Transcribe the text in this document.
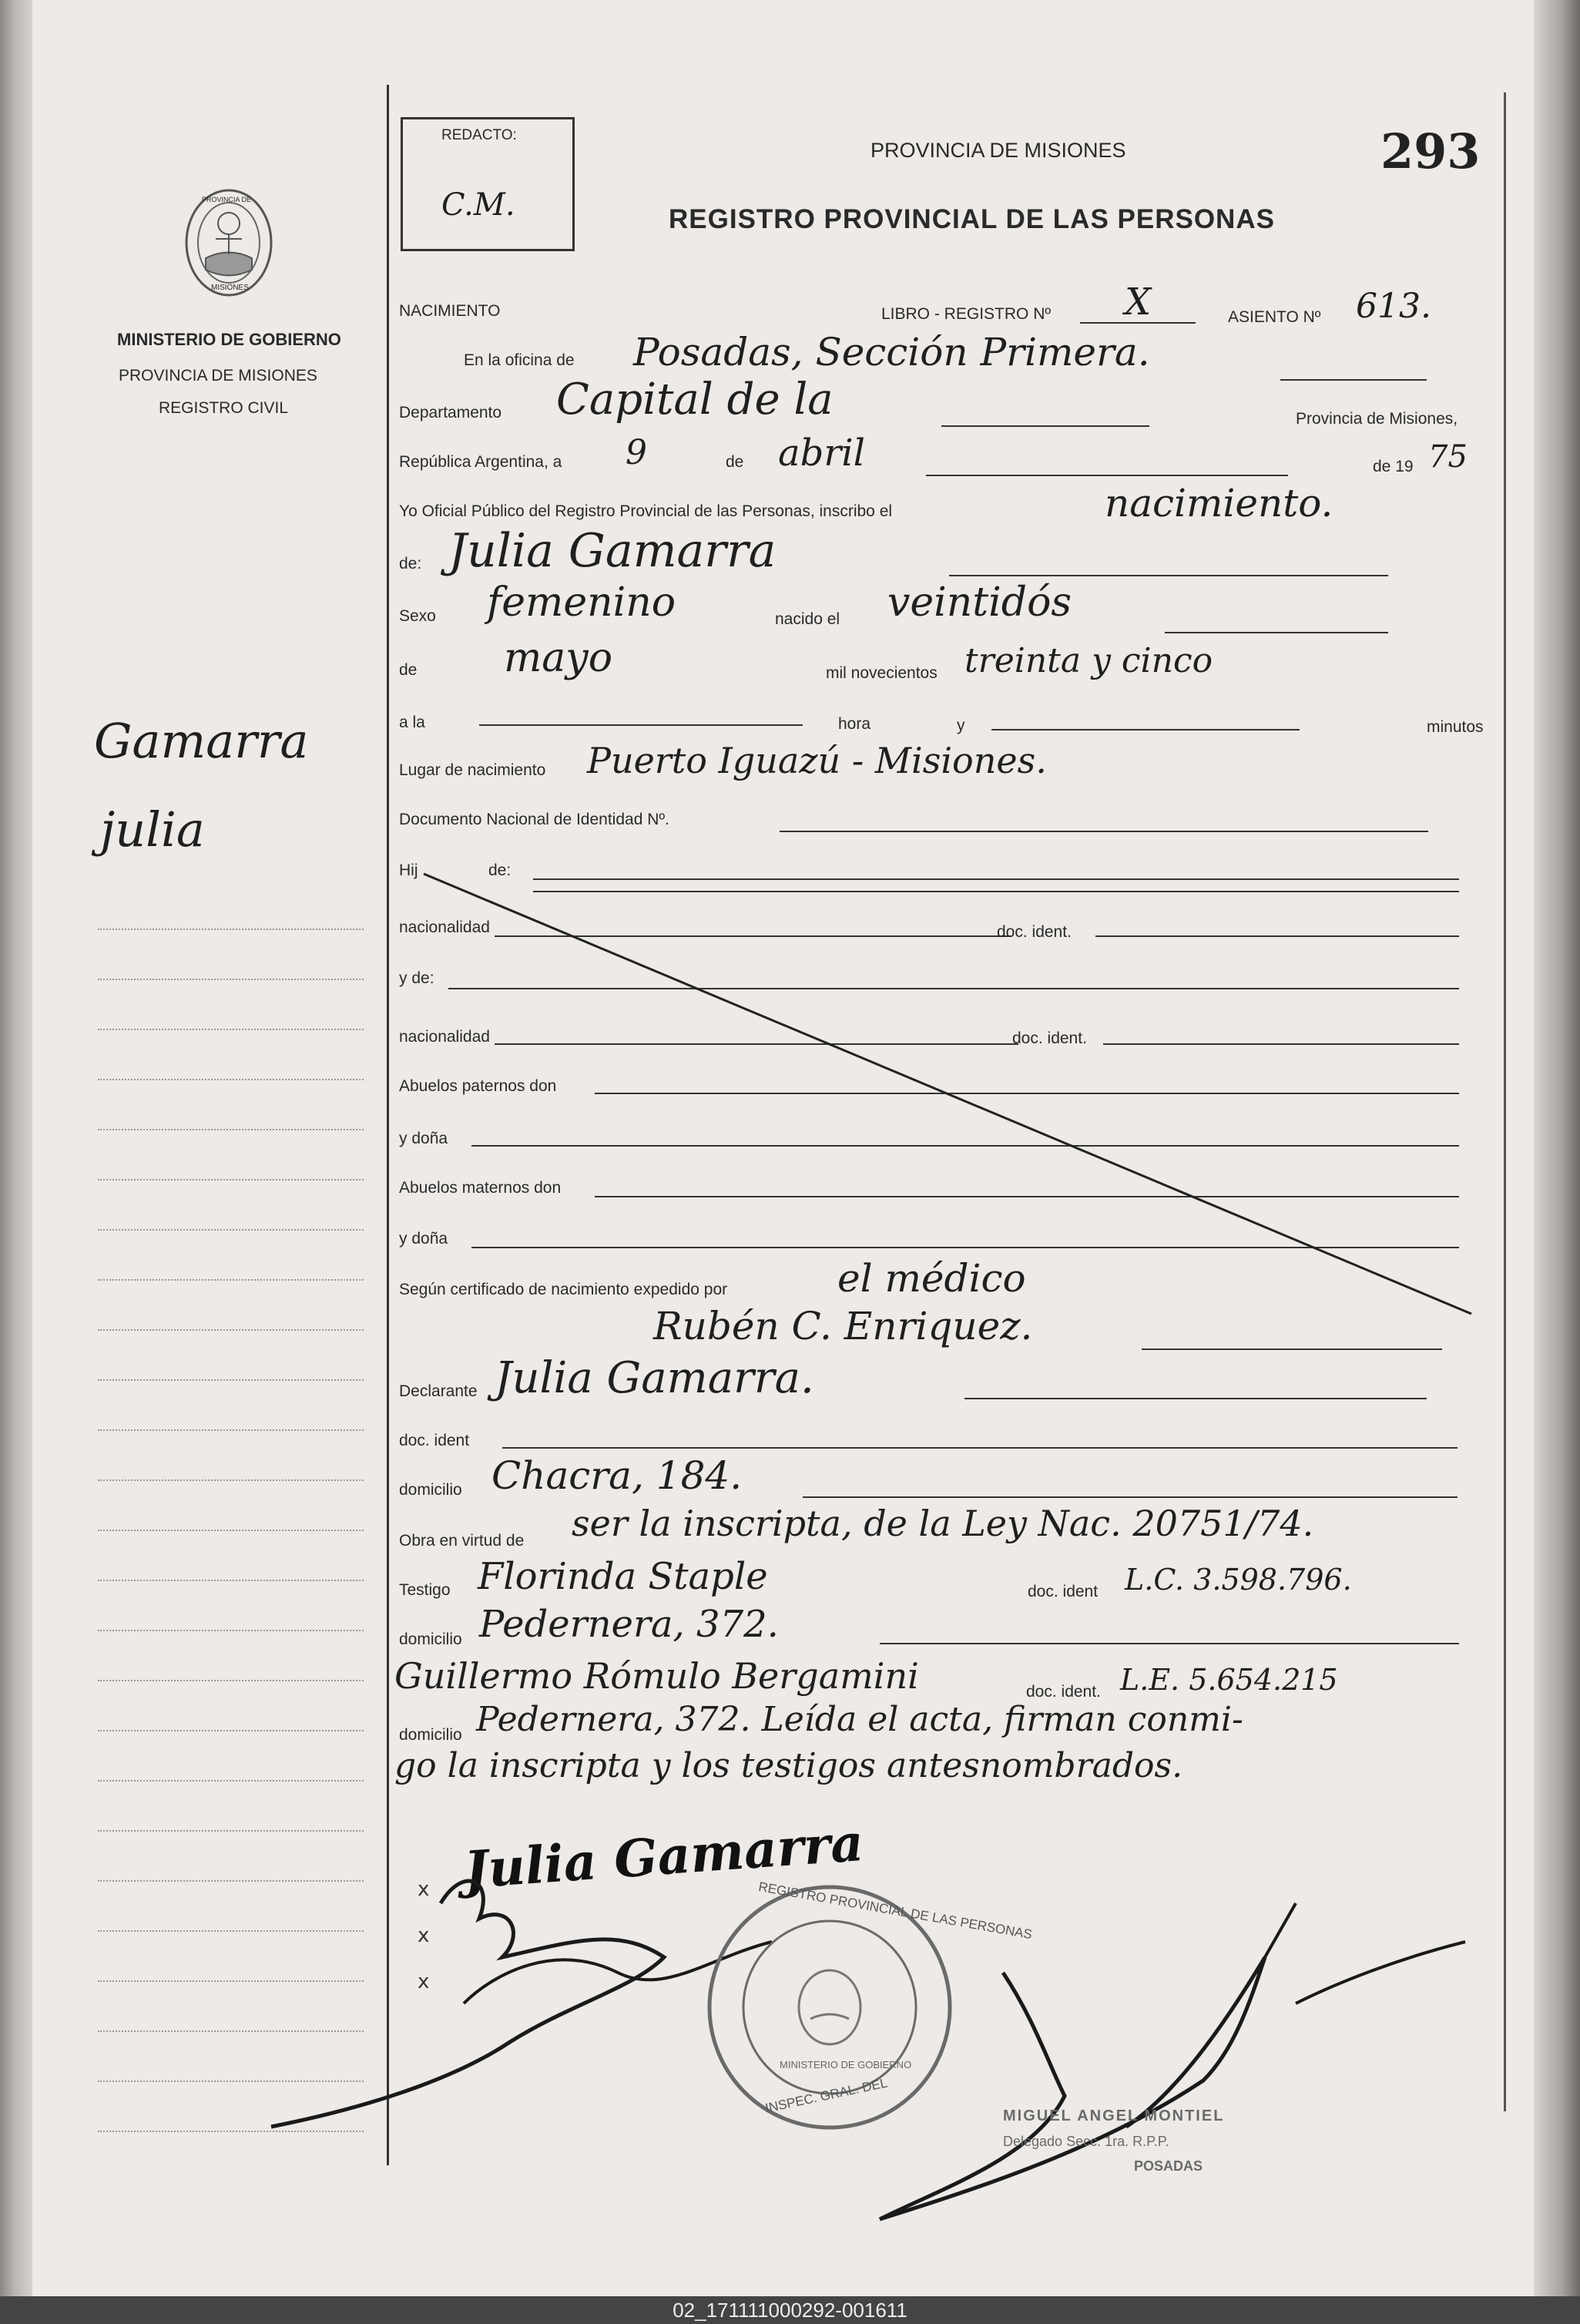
PROVINCIA DE
MISIONES
MINISTERIO DE GOBIERNO
PROVINCIA DE MISIONES
REGISTRO CIVIL
Gamarra
julia
REDACTO:
C.M.
PROVINCIA DE MISIONES
REGISTRO PROVINCIAL DE LAS PERSONAS
293
NACIMIENTO	LIBRO - REGISTRO Nº X	ASIENTO Nº 613.
En la oficina de Posadas, Sección Primera.
Departamento Capital de la	Provincia de Misiones,
República Argentina, a 9	de abril	de 19 75
Yo Oficial Público del Registro Provincial de las Personas, inscribo el	nacimiento.
de: Julia Gamarra
Sexo femenino	nacido el veintidós
de mayo	mil novecientos treinta y cinco
a la	hora	y	minutos
Lugar de nacimiento Puerto Iguazú - Misiones.
Documento Nacional de Identidad Nº.
Hij	de:
nacionalidad	doc. ident.
y de:
nacionalidad	doc. ident.
Abuelos paternos don
y doña
Abuelos maternos don
y doña
Según certificado de nacimiento expedido por	el médico
Rubén C. Enriquez.
Declarante Julia Gamarra.
doc. ident
domicilio Chacra, 184.
Obra en virtud de ser la inscripta, de la Ley Nac. 20751/74.
Testigo Florinda Staple	doc. ident L.C. 3.598.796.
domicilio Pedernera, 372.
Guillermo Rómulo Bergamini	doc. ident. L.E. 5.654.215
domicilio Pedernera, 372. Leída el acta, firman conmi-
go la inscripta y los testigos antesnombrados.
Julia Gamarra
x
x
x
REGISTRO PROVINCIAL DE LAS PERSONAS
INSPEC. GRAL. DEL
MINISTERIO DE GOBIERNO
MIGUEL ANGEL MONTIEL
Delegado Secc. 1ra. R.P.P.
POSADAS
02_171111000292-001611
